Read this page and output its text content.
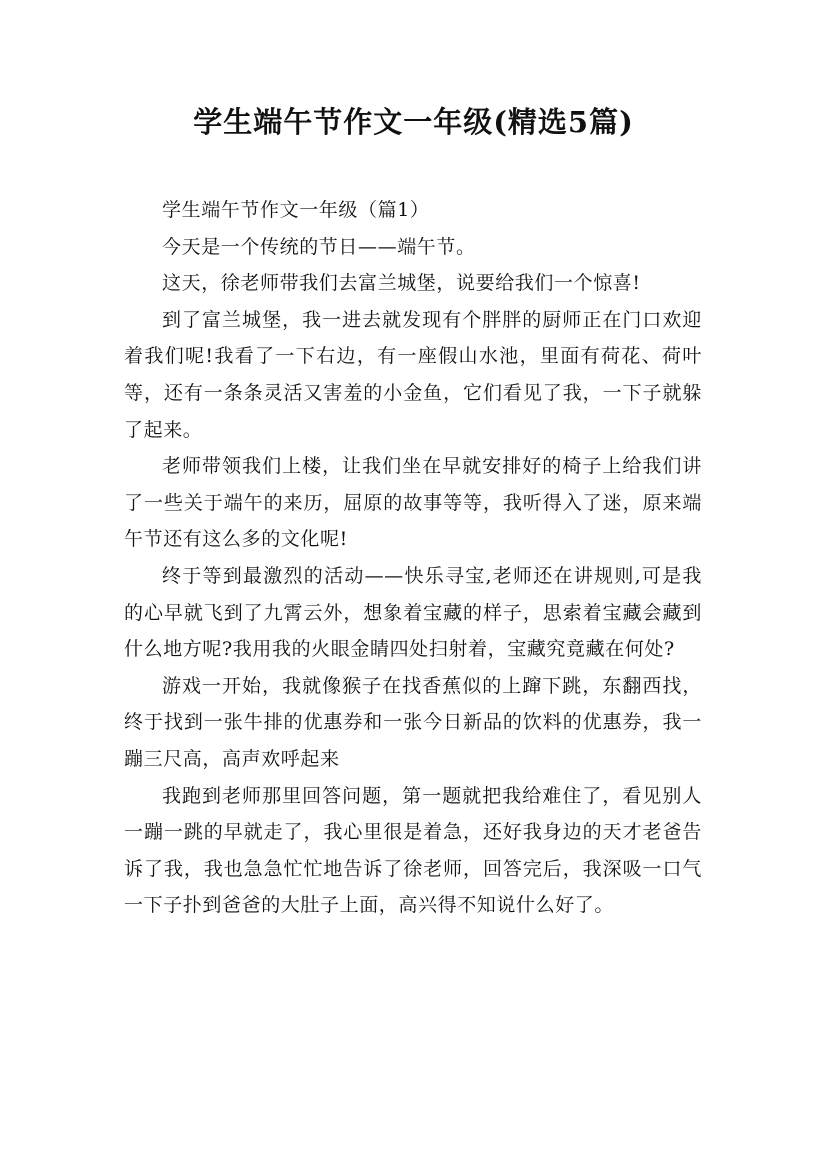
学生端午节作文一年级(精选5篇)

学生端午节作文一年级（篇1）

今天是一个传统的节日——端午节。

这天，徐老师带我们去富兰城堡，说要给我们一个惊喜!

到了富兰城堡，我一进去就发现有个胖胖的厨师正在门口欢迎着我们呢!我看了一下右边，有一座假山水池，里面有荷花、荷叶等，还有一条条灵活又害羞的小金鱼，它们看见了我，一下子就躲了起来。

老师带领我们上楼，让我们坐在早就安排好的椅子上给我们讲了一些关于端午的来历，屈原的故事等等，我听得入了迷，原来端午节还有这么多的文化呢!

终于等到最激烈的活动——快乐寻宝,老师还在讲规则,可是我的心早就飞到了九霄云外，想象着宝藏的样子，思索着宝藏会藏到什么地方呢?我用我的火眼金睛四处扫射着，宝藏究竟藏在何处?

游戏一开始，我就像猴子在找香蕉似的上蹿下跳，东翻西找，终于找到一张牛排的优惠券和一张今日新品的饮料的优惠券，我一蹦三尺高，高声欢呼起来

我跑到老师那里回答问题，第一题就把我给难住了，看见别人一蹦一跳的早就走了，我心里很是着急，还好我身边的天才老爸告诉了我，我也急急忙忙地告诉了徐老师，回答完后，我深吸一口气一下子扑到爸爸的大肚子上面，高兴得不知说什么好了。
